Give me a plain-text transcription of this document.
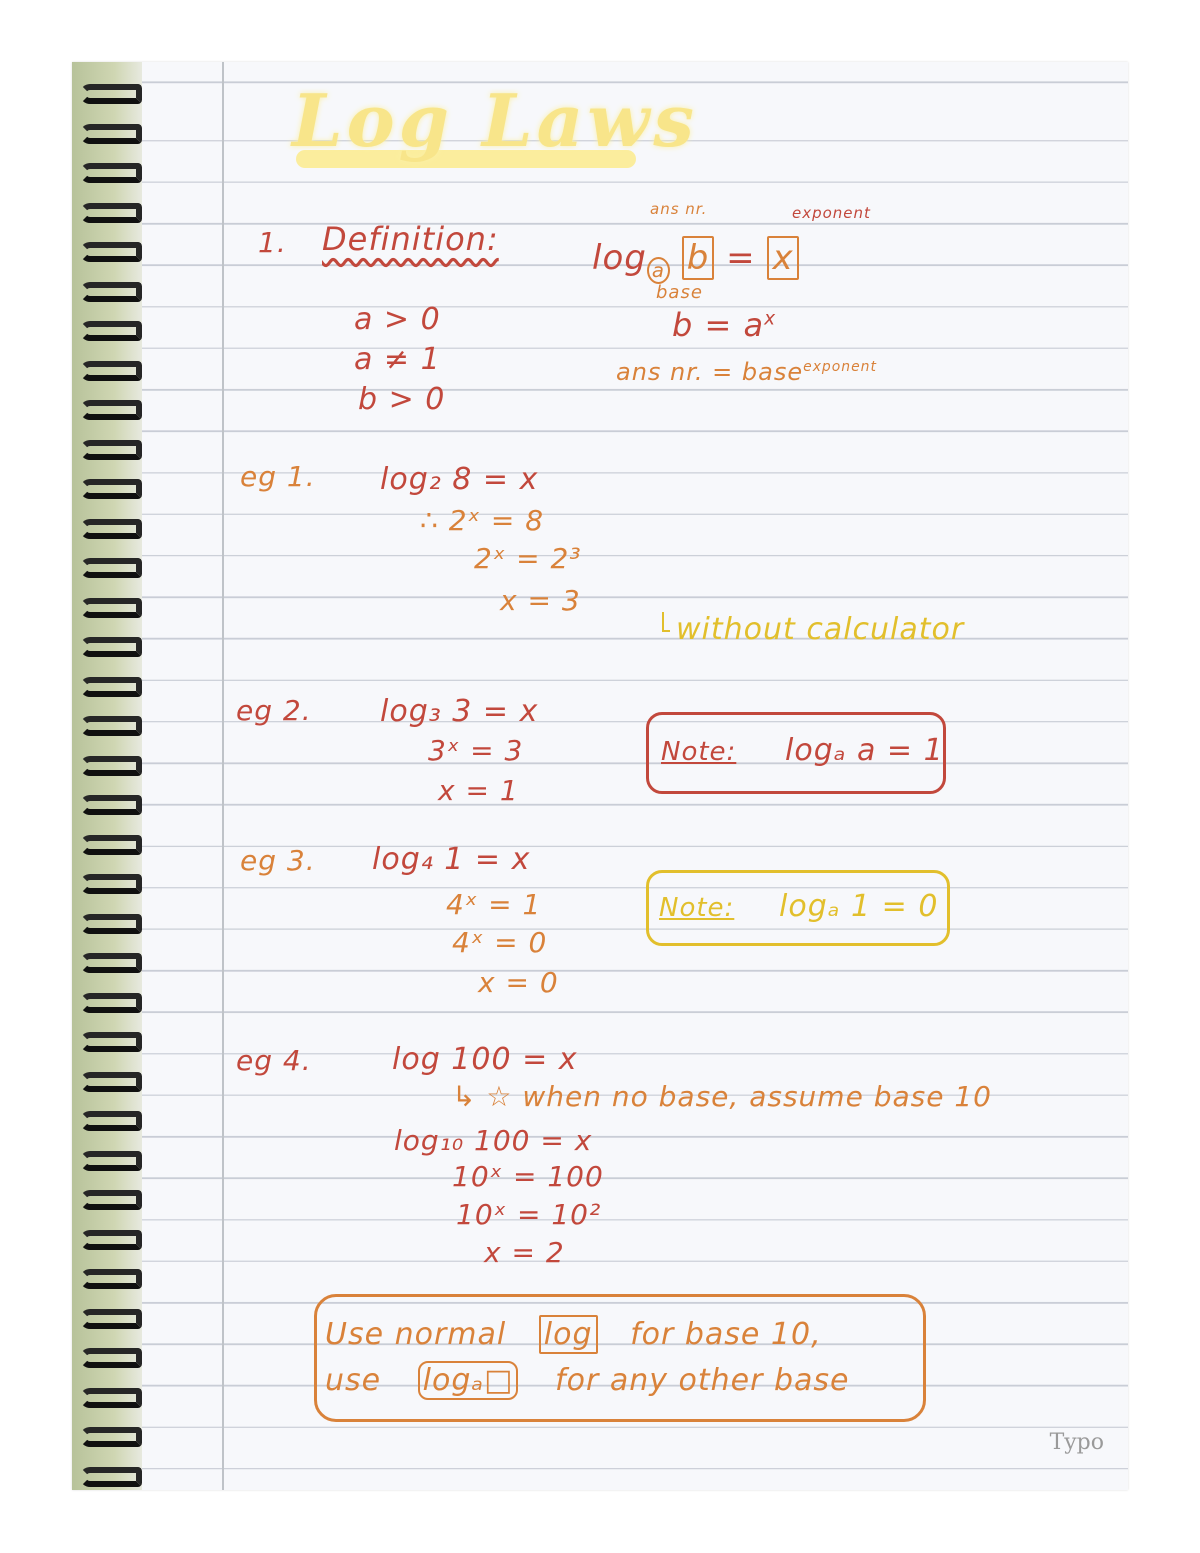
Log Laws
1. Definition:
ans nr.	exponent
log $_a$ b = x
base
$b = a^x$
ans nr. = base$^{exponent}$
a > 0
a ≠ 1
b > 0
eg 1. log₂ 8 = x
∴ 2ˣ = 8
2ˣ = 2³
x = 3
without calculator
eg 2. log₃ 3 = x
3ˣ = 3
x = 1
Note: logₐ a = 1
eg 3. log₄ 1 = x
4ˣ = 1
4ˣ = 0
x = 0
Note: logₐ 1 = 0
eg 4.	log 100 = x
↳ ☆ when no base, assume base 10
log₁₀ 100 = x
10ˣ = 100
10ˣ = 10²
x = 2
Use normal log for base 10,
use logₐ□ for any other base
Typo
